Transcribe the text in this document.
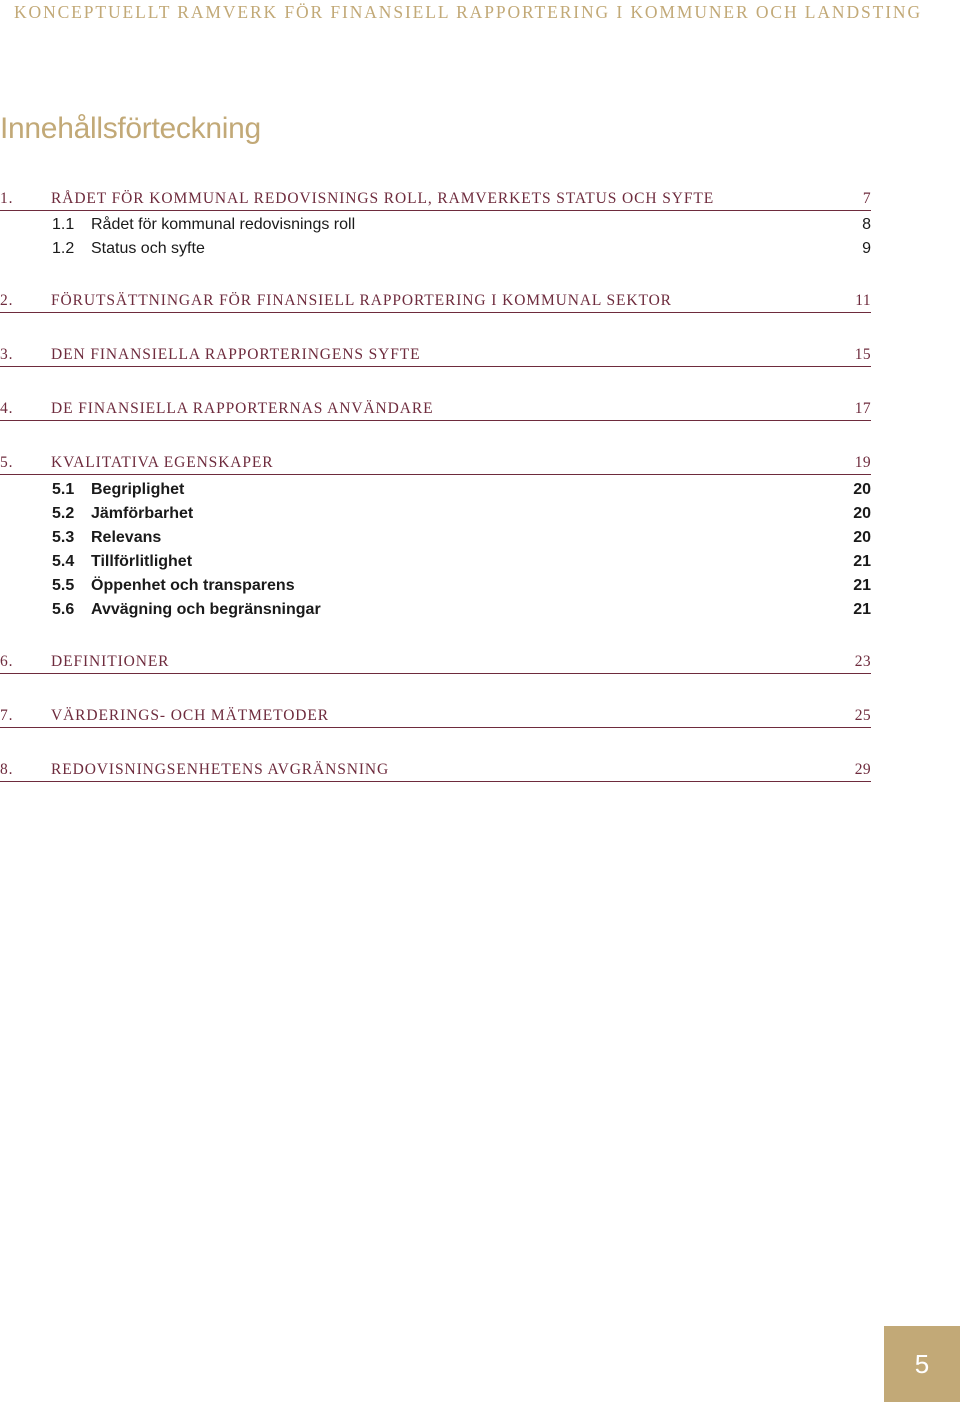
KONCEPTUELLT RAMVERK FÖR FINANSIELL RAPPORTERING I KOMMUNER OCH LANDSTING
Innehållsförteckning
1. RÅDET FÖR KOMMUNAL REDOVISNINGS ROLL, RAMVERKETS STATUS OCH SYFTE	7
1.1 Rådet för kommunal redovisnings roll	8
1.2 Status och syfte	9
2. FÖRUTSÄTTNINGAR FÖR FINANSIELL RAPPORTERING I KOMMUNAL SEKTOR	11
3. DEN FINANSIELLA RAPPORTERINGENS SYFTE	15
4. DE FINANSIELLA RAPPORTERNAS ANVÄNDARE	17
5. KVALITATIVA EGENSKAPER	19
5.1 Begriplighet	20
5.2 Jämförbarhet	20
5.3 Relevans	20
5.4 Tillförlitlighet	21
5.5 Öppenhet och transparens	21
5.6 Avvägning och begränsningar	21
6. DEFINITIONER	23
7. VÄRDERINGS- OCH MÄTMETODER	25
8. REDOVISNINGSENHETENS AVGRÄNSNING	29
5
